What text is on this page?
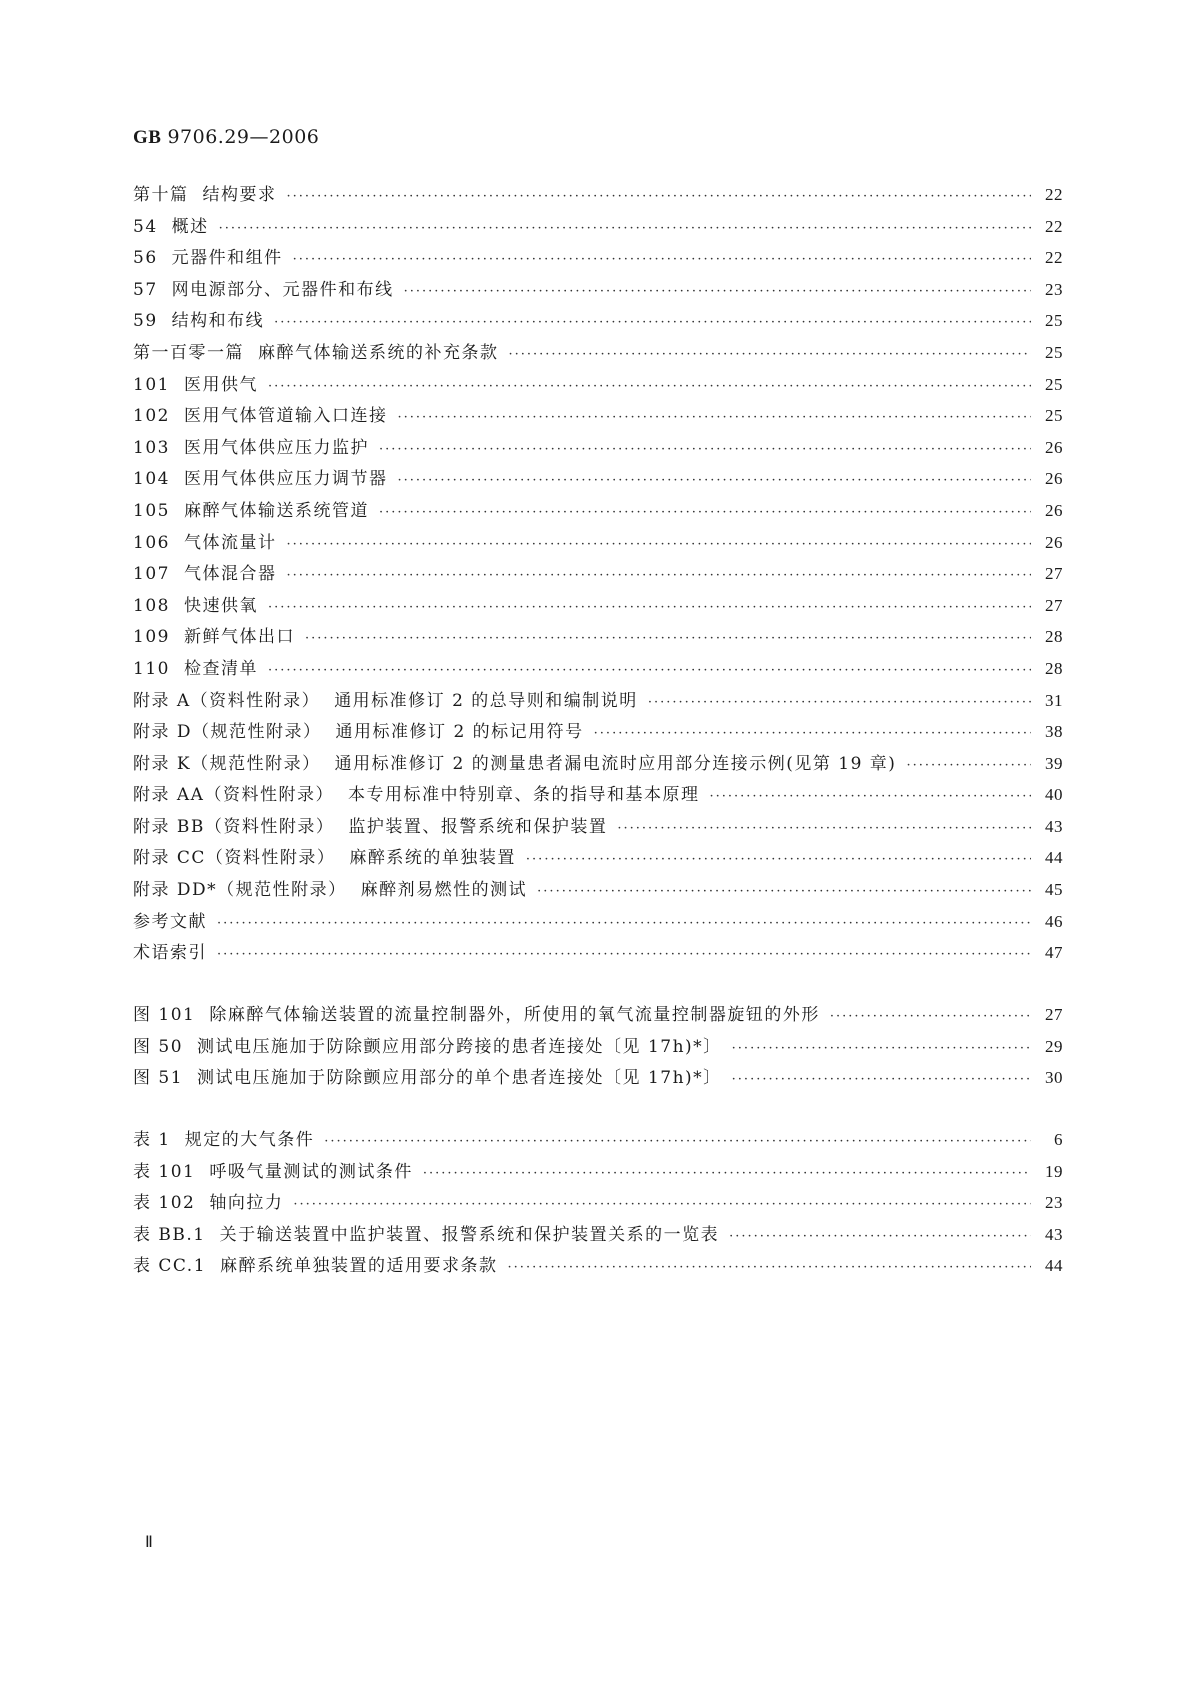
GB 9706.29—2006
第十篇 结构要求 ·····	22
54 概述 ·····	22
56 元器件和组件 ·····	22
57 网电源部分、元器件和布线 ·····	23
59 结构和布线 ·····	25
第一百零一篇 麻醉气体输送系统的补充条款 ·····	25
101 医用供气 ·····	25
102 医用气体管道输入口连接 ·····	25
103 医用气体供应压力监护 ·····	26
104 医用气体供应压力调节器 ·····	26
105 麻醉气体输送系统管道 ·····	26
106 气体流量计 ·····	26
107 气体混合器 ·····	27
108 快速供氧 ·····	27
109 新鲜气体出口 ·····	28
110 检查清单 ·····	28
附录 A（资料性附录） 通用标准修订 2 的总导则和编制说明 ·····	31
附录 D（规范性附录） 通用标准修订 2 的标记用符号 ·····	38
附录 K（规范性附录） 通用标准修订 2 的测量患者漏电流时应用部分连接示例(见第 19 章) ·····	39
附录 AA（资料性附录） 本专用标准中特别章、条的指导和基本原理 ·····	40
附录 BB（资料性附录） 监护装置、报警系统和保护装置 ·····	43
附录 CC（资料性附录） 麻醉系统的单独装置 ·····	44
附录 DD*（规范性附录） 麻醉剂易燃性的测试 ·····	45
参考文献 ·····	46
术语索引 ·····	47
图 101 除麻醉气体输送装置的流量控制器外，所使用的氧气流量控制器旋钮的外形 ·····	27
图 50 测试电压施加于防除颤应用部分跨接的患者连接处〔见 17h)*〕 ·····	29
图 51 测试电压施加于防除颤应用部分的单个患者连接处〔见 17h)*〕 ·····	30
表 1 规定的大气条件 ·····	6
表 101 呼吸气量测试的测试条件 ·····	19
表 102 轴向拉力 ·····	23
表 BB.1 关于输送装置中监护装置、报警系统和保护装置关系的一览表 ·····	43
表 CC.1 麻醉系统单独装置的适用要求条款 ·····	44
Ⅱ
